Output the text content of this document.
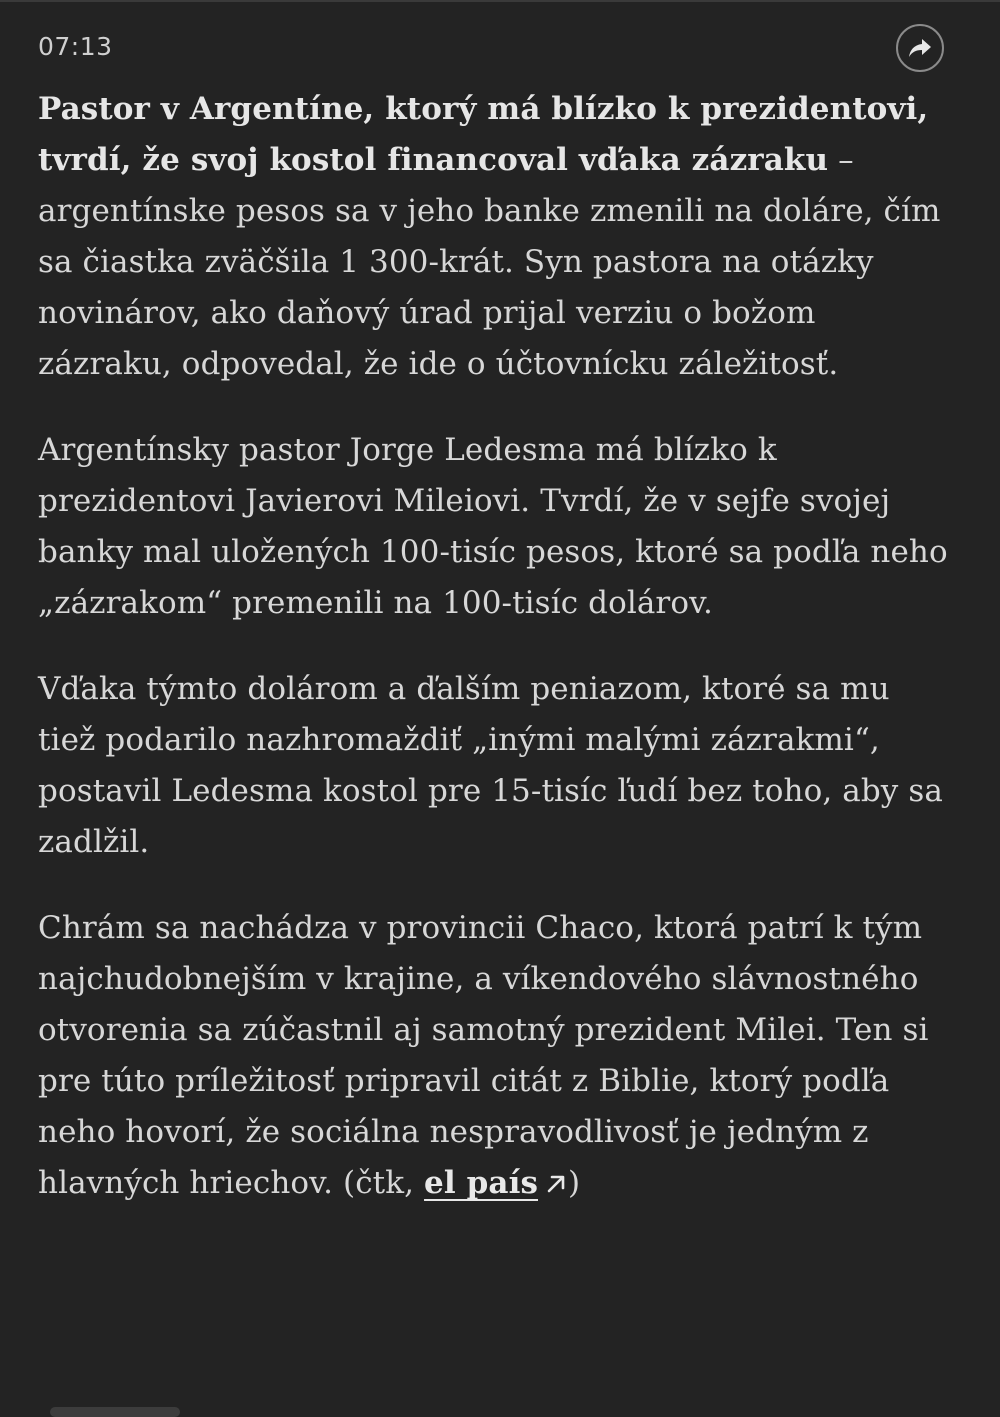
07:13

Pastor v Argentíne, ktorý má blízko k prezidentovi, tvrdí, že svoj kostol financoval vďaka zázraku – argentínske pesos sa v jeho banke zmenili na doláre, čím sa čiastka zväčšila 1 300-krát. Syn pastora na otázky novinárov, ako daňový úrad prijal verziu o božom zázraku, odpovedal, že ide o účtovnícku záležitosť.

Argentínsky pastor Jorge Ledesma má blízko k prezidentovi Javierovi Mileiovi. Tvrdí, že v sejfe svojej banky mal uložených 100-tisíc pesos, ktoré sa podľa neho „zázrakom“ premenili na 100-tisíc dolárov.

Vďaka týmto dolárom a ďalším peniazom, ktoré sa mu tiež podarilo nazhromaždiť „inými malými zázrakmi“, postavil Ledesma kostol pre 15-tisíc ľudí bez toho, aby sa zadlžil.

Chrám sa nachádza v provincii Chaco, ktorá patrí k tým najchudobnejším v krajine, a víkendového slávnostného otvorenia sa zúčastnil aj samotný prezident Milei. Ten si pre túto príležitosť pripravil citát z Biblie, ktorý podľa neho hovorí, že sociálna nespravodlivosť je jedným z hlavných hriechov. (čtk, el país )
